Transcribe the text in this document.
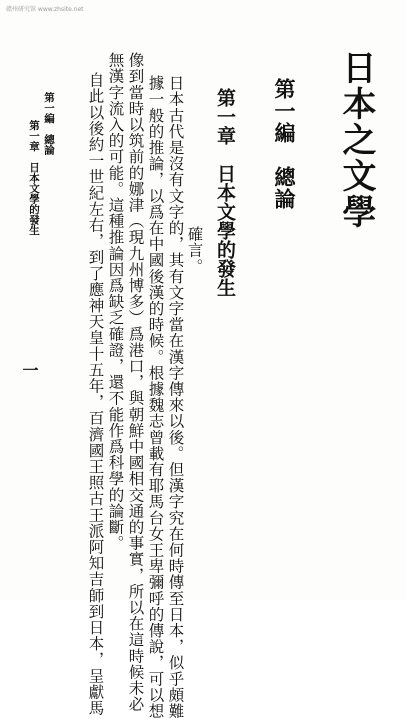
赣州研究馆 www.zhsite.net
日本之文學
第一編　總論
第一章　日本文學的發生
確言。
日本古代是沒有文字的，其有文字當在漢字傳來以後。但漢字究在何時傳至日本，似乎頗難
據一般的推論，以爲在中國後漢的時候。根據魏志曾載有耶馬台女王卑彌呼的傳說，可以想
像到當時以筑前的娜津（現九州博多）爲港口，與朝鮮中國相交通的事實，所以在這時候未必
無漢字流入的可能。這種推論因爲缺乏確證，還不能作爲科學的論斷。
自此以後約一世紀左右，到了應神天皇十五年，百濟國王照古王派阿知吉師到日本，呈獻馬
第一編　總論
第一章　日本文學的發生
一
